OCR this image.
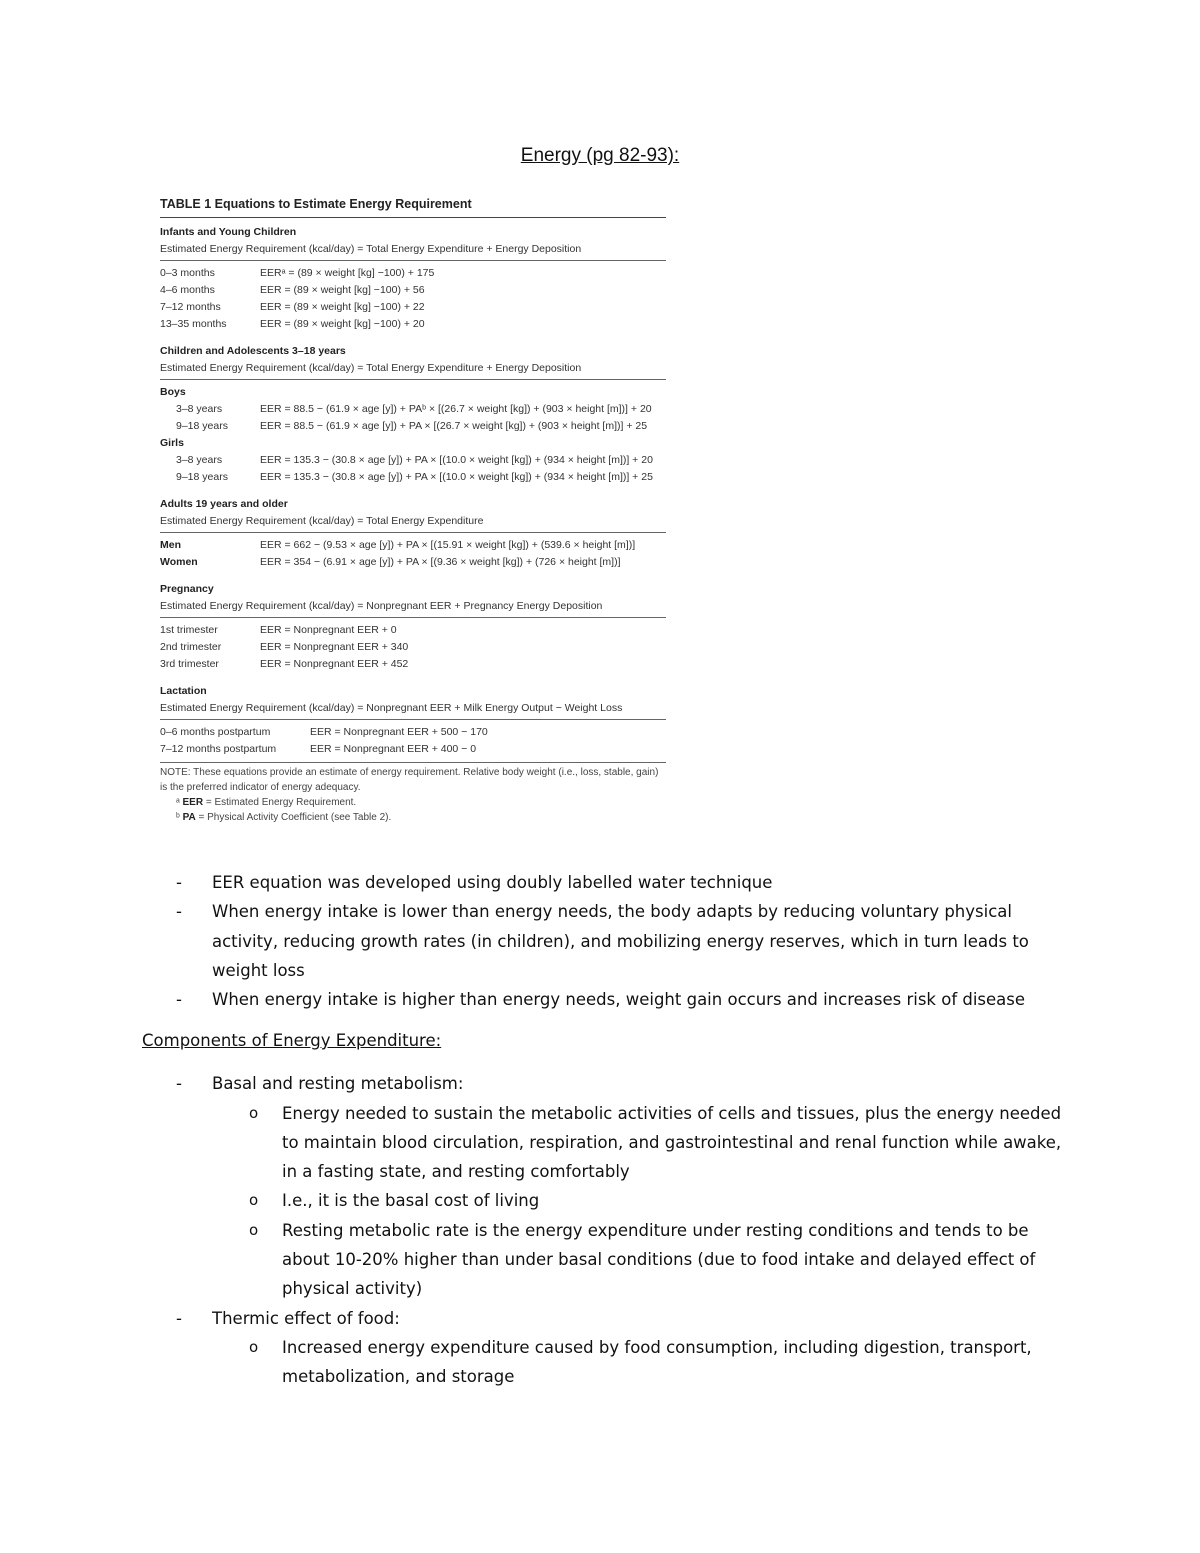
Energy (pg 82-93):
TABLE 1 Equations to Estimate Energy Requirement
Infants and Young Children
Estimated Energy Requirement (kcal/day) = Total Energy Expenditure + Energy Deposition
0–3 months	EERᵃ = (89 × weight [kg] −100) + 175
4–6 months	EER = (89 × weight [kg] −100) + 56
7–12 months	EER = (89 × weight [kg] −100) + 22
13–35 months	EER = (89 × weight [kg] −100) + 20
Children and Adolescents 3–18 years
Estimated Energy Requirement (kcal/day) = Total Energy Expenditure + Energy Deposition
Boys
3–8 years	EER = 88.5 − (61.9 × age [y]) + PAᵇ × [(26.7 × weight [kg]) + (903 × height [m])] + 20
9–18 years	EER = 88.5 − (61.9 × age [y]) + PA × [(26.7 × weight [kg]) + (903 × height [m])] + 25
Girls
3–8 years	EER = 135.3 − (30.8 × age [y]) + PA × [(10.0 × weight [kg]) + (934 × height [m])] + 20
9–18 years	EER = 135.3 − (30.8 × age [y]) + PA × [(10.0 × weight [kg]) + (934 × height [m])] + 25
Adults 19 years and older
Estimated Energy Requirement (kcal/day) = Total Energy Expenditure
Men	EER = 662 − (9.53 × age [y]) + PA × [(15.91 × weight [kg]) + (539.6 × height [m])]
Women	EER = 354 − (6.91 × age [y]) + PA × [(9.36 × weight [kg]) + (726 × height [m])]
Pregnancy
Estimated Energy Requirement (kcal/day) = Nonpregnant EER + Pregnancy Energy Deposition
1st trimester	EER = Nonpregnant EER + 0
2nd trimester	EER = Nonpregnant EER + 340
3rd trimester	EER = Nonpregnant EER + 452
Lactation
Estimated Energy Requirement (kcal/day) = Nonpregnant EER + Milk Energy Output − Weight Loss
0–6 months postpartum	EER = Nonpregnant EER + 500 − 170
7–12 months postpartum	EER = Nonpregnant EER + 400 − 0
NOTE: These equations provide an estimate of energy requirement. Relative body weight (i.e., loss, stable, gain) is the preferred indicator of energy adequacy.
ᵃ EER = Estimated Energy Requirement.
ᵇ PA = Physical Activity Coefficient (see Table 2).
- EER equation was developed using doubly labelled water technique
- When energy intake is lower than energy needs, the body adapts by reducing voluntary physical activity, reducing growth rates (in children), and mobilizing energy reserves, which in turn leads to weight loss
- When energy intake is higher than energy needs, weight gain occurs and increases risk of disease

Components of Energy Expenditure:

- Basal and resting metabolism:
o Energy needed to sustain the metabolic activities of cells and tissues, plus the energy needed to maintain blood circulation, respiration, and gastrointestinal and renal function while awake, in a fasting state, and resting comfortably
o I.e., it is the basal cost of living
o Resting metabolic rate is the energy expenditure under resting conditions and tends to be about 10-20% higher than under basal conditions (due to food intake and delayed effect of physical activity)
- Thermic effect of food:
o Increased energy expenditure caused by food consumption, including digestion, transport, metabolization, and storage
